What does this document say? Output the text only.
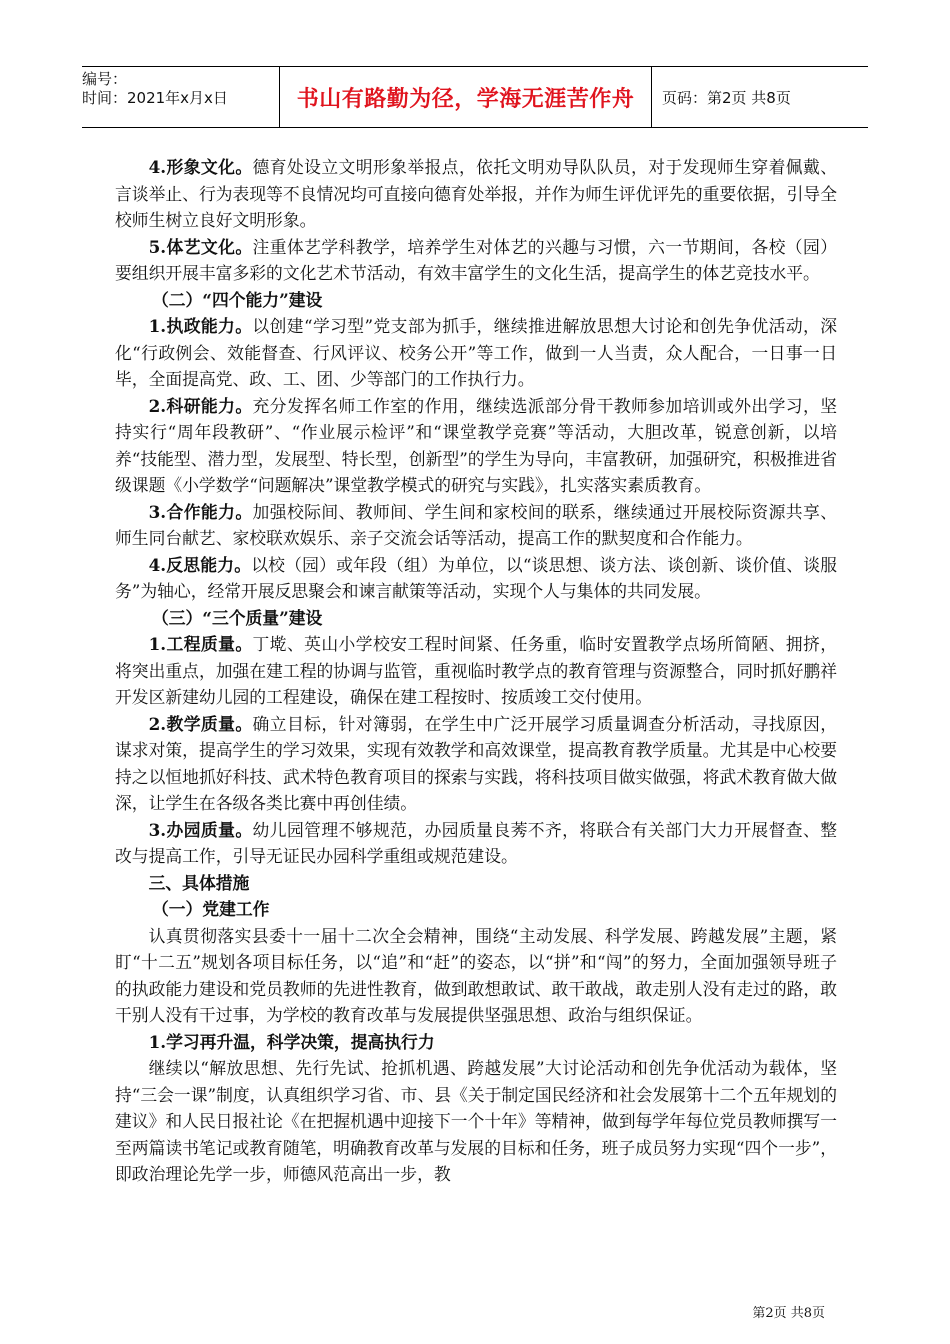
编号：
时间：2021年x月x日	书山有路勤为径，学海无涯苦作舟	页码：第2页 共8页

4.形象文化。德育处设立文明形象举报点，依托文明劝导队队员，对于发现师生穿着佩戴、言谈举止、行为表现等不良情况均可直接向德育处举报，并作为师生评优评先的重要依据，引导全校师生树立良好文明形象。

5.体艺文化。注重体艺学科教学，培养学生对体艺的兴趣与习惯，六一节期间，各校（园）要组织开展丰富多彩的文化艺术节活动，有效丰富学生的文化生活，提高学生的体艺竞技水平。

（二）“四个能力”建设

1.执政能力。以创建“学习型”党支部为抓手，继续推进解放思想大讨论和创先争优活动，深化“行政例会、效能督查、行风评议、校务公开”等工作，做到一人当责，众人配合，一日事一日毕，全面提高党、政、工、团、少等部门的工作执行力。

2.科研能力。充分发挥名师工作室的作用，继续选派部分骨干教师参加培训或外出学习，坚持实行“周年段教研”、“作业展示检评”和“课堂教学竞赛”等活动，大胆改革，锐意创新，以培养“技能型、潜力型，发展型、特长型，创新型”的学生为导向，丰富教研，加强研究，积极推进省级课题《小学数学“问题解决”课堂教学模式的研究与实践》，扎实落实素质教育。

3.合作能力。加强校际间、教师间、学生间和家校间的联系，继续通过开展校际资源共享、师生同台献艺、家校联欢娱乐、亲子交流会话等活动，提高工作的默契度和合作能力。

4.反思能力。以校（园）或年段（组）为单位，以“谈思想、谈方法、谈创新、谈价值、谈服务”为轴心，经常开展反思聚会和谏言献策等活动，实现个人与集体的共同发展。

（三）“三个质量”建设

1.工程质量。丁墘、英山小学校安工程时间紧、任务重，临时安置教学点场所简陋、拥挤，将突出重点，加强在建工程的协调与监管，重视临时教学点的教育管理与资源整合，同时抓好鹏祥开发区新建幼儿园的工程建设，确保在建工程按时、按质竣工交付使用。

2.教学质量。确立目标，针对簿弱，在学生中广泛开展学习质量调查分析活动，寻找原因，谋求对策，提高学生的学习效果，实现有效教学和高效课堂，提高教育教学质量。尤其是中心校要持之以恒地抓好科技、武术特色教育项目的探索与实践，将科技项目做实做强，将武术教育做大做深，让学生在各级各类比赛中再创佳绩。

3.办园质量。幼儿园管理不够规范，办园质量良莠不齐，将联合有关部门大力开展督查、整改与提高工作，引导无证民办园科学重组或规范建设。

三、具体措施
（一）党建工作

认真贯彻落实县委十一届十二次全会精神，围绕“主动发展、科学发展、跨越发展”主题，紧盯“十二五”规划各项目标任务，以“追”和“赶”的姿态，以“拼”和“闯”的努力，全面加强领导班子的执政能力建设和党员教师的先进性教育，做到敢想敢试、敢干敢战，敢走别人没有走过的路，敢干别人没有干过事，为学校的教育改革与发展提供坚强思想、政治与组织保证。

1.学习再升温，科学决策，提高执行力

继续以“解放思想、先行先试、抢抓机遇、跨越发展”大讨论活动和创先争优活动为载体，坚持“三会一课”制度，认真组织学习省、市、县《关于制定国民经济和社会发展第十二个五年规划的建议》和人民日报社论《在把握机遇中迎接下一个十年》等精神，做到每学年每位党员教师撰写一至两篇读书笔记或教育随笔，明确教育改革与发展的目标和任务，班子成员努力实现“四个一步”，即政治理论先学一步，师德风范高出一步，教

第2页 共8页
